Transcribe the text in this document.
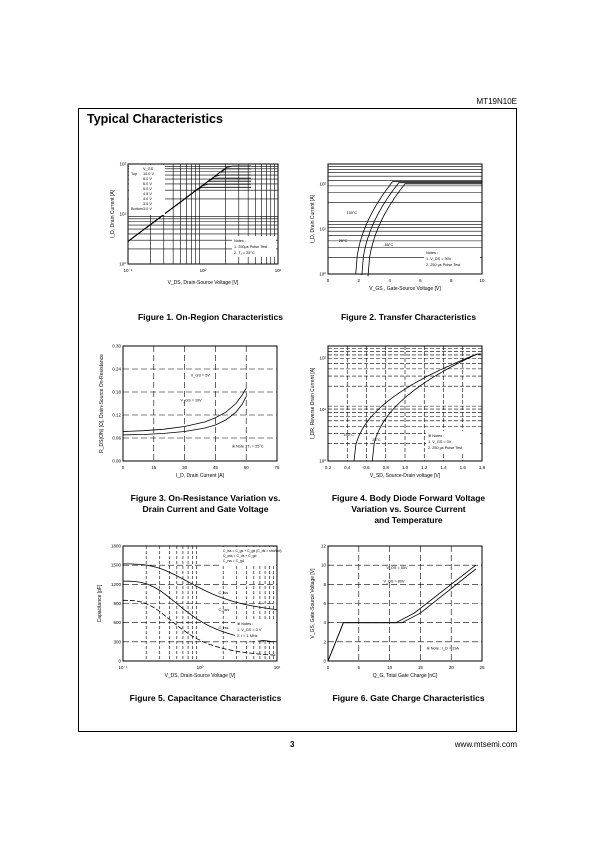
MT19N10E
Typical Characteristics
10⁻¹	10⁰	10¹
10²
10¹
10⁰
V_DS, Drain-Source Voltage [V]
I_D, Drain Current [A]
V_GS
Top 10.0 V
8.0 V
6.0 V
5.0 V
4.5 V
4.0 V
3.5 V
3.0 V
Bottom
Notes :
1. 250μs Pulse Test
2. T₁ = 25°C
Figure 1. On-Region Characteristics
0	2	4	6	8	10
10²
10¹
10⁰
V_GS , Gate-Source Voltage [V]
I_D, Drain Current [A]	150°C
25°C
-55°C
Notes :
1. V_DS = 30V
2. 250 μs Pulse Test
Figure 2. Transfer Characteristics
0	15	30	45	60	75
0.00
0.06
0.12
0.18
0.24
0.30
I_D, Drain Current [A]
R_DS(ON) [Ω], Drain-Source On-Resistance	V_GS = 5V
V_GS = 10V
※ Note : T₁ = 25°C
Figure 3. On-Resistance Variation vs.
Drain Current and Gate Voltage
0.2	0.4	0.6	0.8	1.0	1.2	1.4	1.6	1.8
10²
10¹
10⁰
V_SD, Source-Drain voltage [V]
I_DR, Reverse Drain Current [A]	150°C
25°C
※ Notes :
1. V_GS = 0V
2. 250 μs Pulse Test
Figure 4. Body Diode Forward Voltage
Variation vs. Source Current
and Temperature
10⁻¹	10⁰	10¹
0
300
600
900
1200
1500
1800
V_DS, Drain-Source Voltage [V]
Capacitance [pF]
C_iss = C_gs + C_gd (C_ds = shorted)
C_oss = C_ds + C_gd
C_rss = C_gd
C_iss
C_oss
C_rss
※ Notes :
1. V_GS = 0 V
2. f = 1 MHz
Figure 5. Capacitance Characteristics
0	5	10	15	20	25
0
2
4
6
8
10
12
Q_G, Total Gate Charge [nC]
V_GS, Gate-Source Voltage [V]
V_DS = 50V
V_DS = 80V
※ Note : I_D = 19A
Figure 6. Gate Charge Characteristics
3	www.mtsemi.com
